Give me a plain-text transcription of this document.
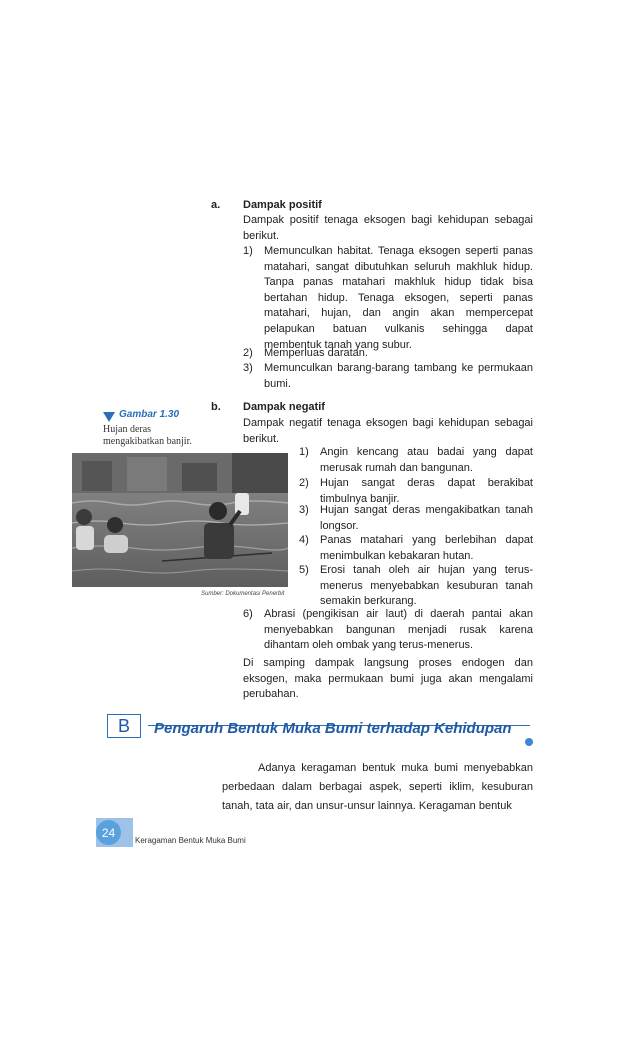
a. Dampak positif
Dampak positif tenaga eksogen bagi kehidupan sebagai berikut.
1) Memunculkan habitat. Tenaga eksogen seperti panas matahari, sangat dibutuhkan seluruh makhluk hidup. Tanpa panas matahari makhluk hidup tidak bisa bertahan hidup. Tenaga eksogen, seperti panas matahari, hujan, dan angin akan mempercepat pelapukan batuan vulkanis sehingga dapat membentuk tanah yang subur.
2) Memperluas daratan.
3) Memunculkan barang-barang tambang ke permukaan bumi.
b. Dampak negatif
Dampak negatif tenaga eksogen bagi kehidupan sebagai berikut.
1) Angin kencang atau badai yang dapat merusak rumah dan bangunan.
2) Hujan sangat deras dapat berakibat timbulnya banjir.
3) Hujan sangat deras mengakibatkan tanah longsor.
4) Panas matahari yang berlebihan dapat menimbulkan kebakaran hutan.
5) Erosi tanah oleh air hujan yang terus-menerus menyebabkan kesuburan tanah semakin berkurang.
6) Abrasi (pengikisan air laut) di daerah pantai akan menyebabkan bangunan menjadi rusak karena dihantam oleh ombak yang terus-menerus.
Di samping dampak langsung proses endogen dan eksogen, maka permukaan bumi juga akan mengalami perubahan.
Gambar 1.30
Hujan deras mengakibatkan banjir.
Sumber: Dokumentasi Penerbit
B Pengaruh Bentuk Muka Bumi terhadap Kehidupan
Adanya keragaman bentuk muka bumi menyebabkan perbedaan dalam berbagai aspek, seperti iklim, kesuburan tanah, tata air, dan unsur-unsur lainnya. Keragaman bentuk
24
Keragaman Bentuk Muka Bumi
